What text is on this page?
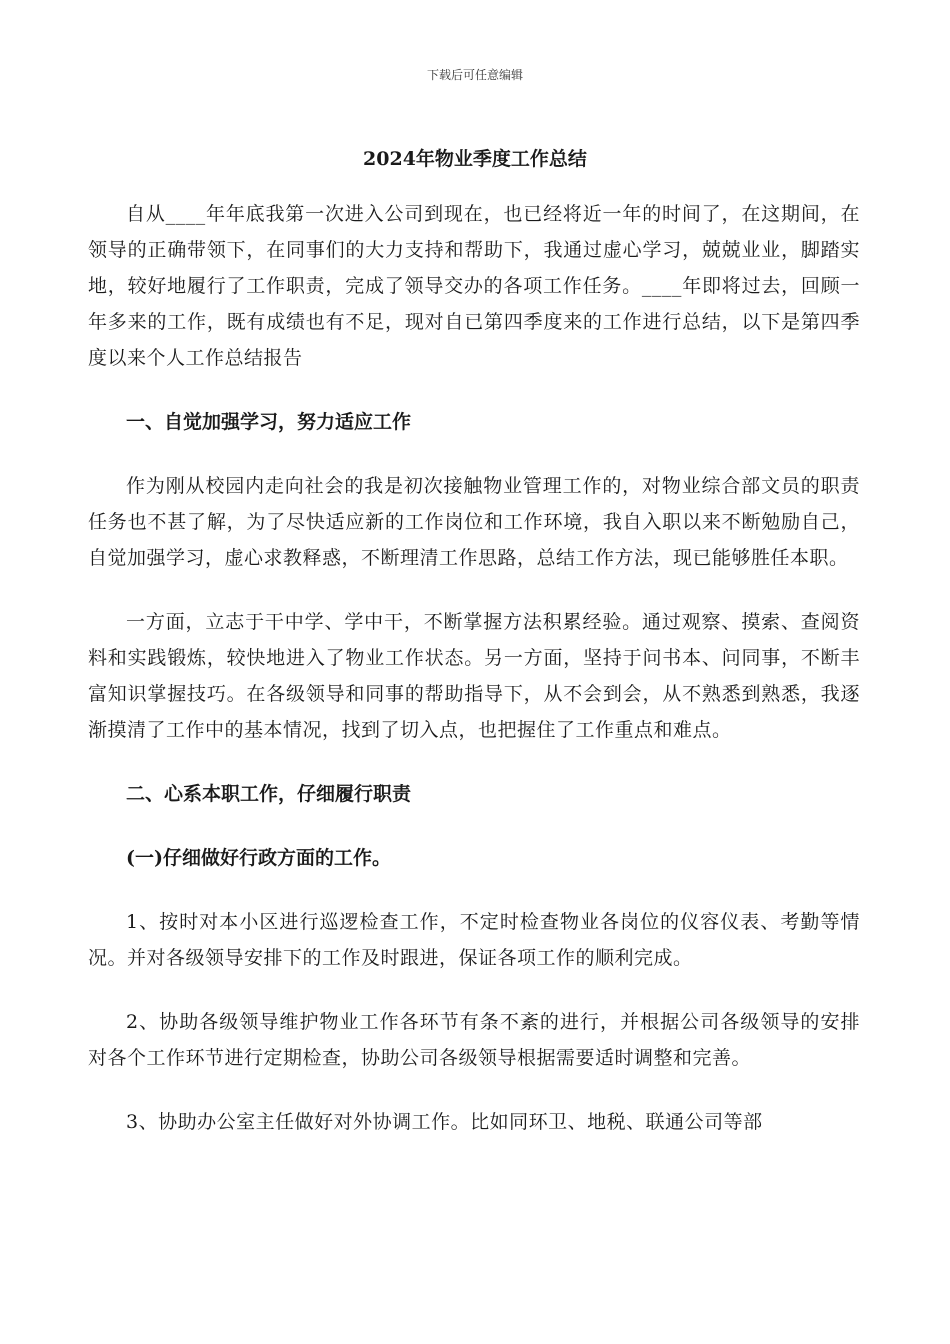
下载后可任意编辑
2024年物业季度工作总结

自从____年年底我第一次进入公司到现在，也已经将近一年的时间了，在这期间，在领导的正确带领下，在同事们的大力支持和帮助下，我通过虚心学习，兢兢业业，脚踏实地，较好地履行了工作职责，完成了领导交办的各项工作任务。____年即将过去，回顾一年多来的工作，既有成绩也有不足，现对自已第四季度来的工作进行总结，以下是第四季度以来个人工作总结报告

一、自觉加强学习，努力适应工作

作为刚从校园内走向社会的我是初次接触物业管理工作的，对物业综合部文员的职责任务也不甚了解，为了尽快适应新的工作岗位和工作环境，我自入职以来不断勉励自己，自觉加强学习，虚心求教释惑，不断理清工作思路，总结工作方法，现已能够胜任本职。

一方面，立志于干中学、学中干，不断掌握方法积累经验。通过观察、摸索、查阅资料和实践锻炼，较快地进入了物业工作状态。另一方面，坚持于问书本、问同事，不断丰富知识掌握技巧。在各级领导和同事的帮助指导下，从不会到会，从不熟悉到熟悉，我逐渐摸清了工作中的基本情况，找到了切入点，也把握住了工作重点和难点。

二、心系本职工作，仔细履行职责

(一)仔细做好行政方面的工作。

1、按时对本小区进行巡逻检查工作，不定时检查物业各岗位的仪容仪表、考勤等情况。并对各级领导安排下的工作及时跟进，保证各项工作的顺利完成。

2、协助各级领导维护物业工作各环节有条不紊的进行，并根据公司各级领导的安排对各个工作环节进行定期检查，协助公司各级领导根据需要适时调整和完善。

3、协助办公室主任做好对外协调工作。比如同环卫、地税、联通公司等部
